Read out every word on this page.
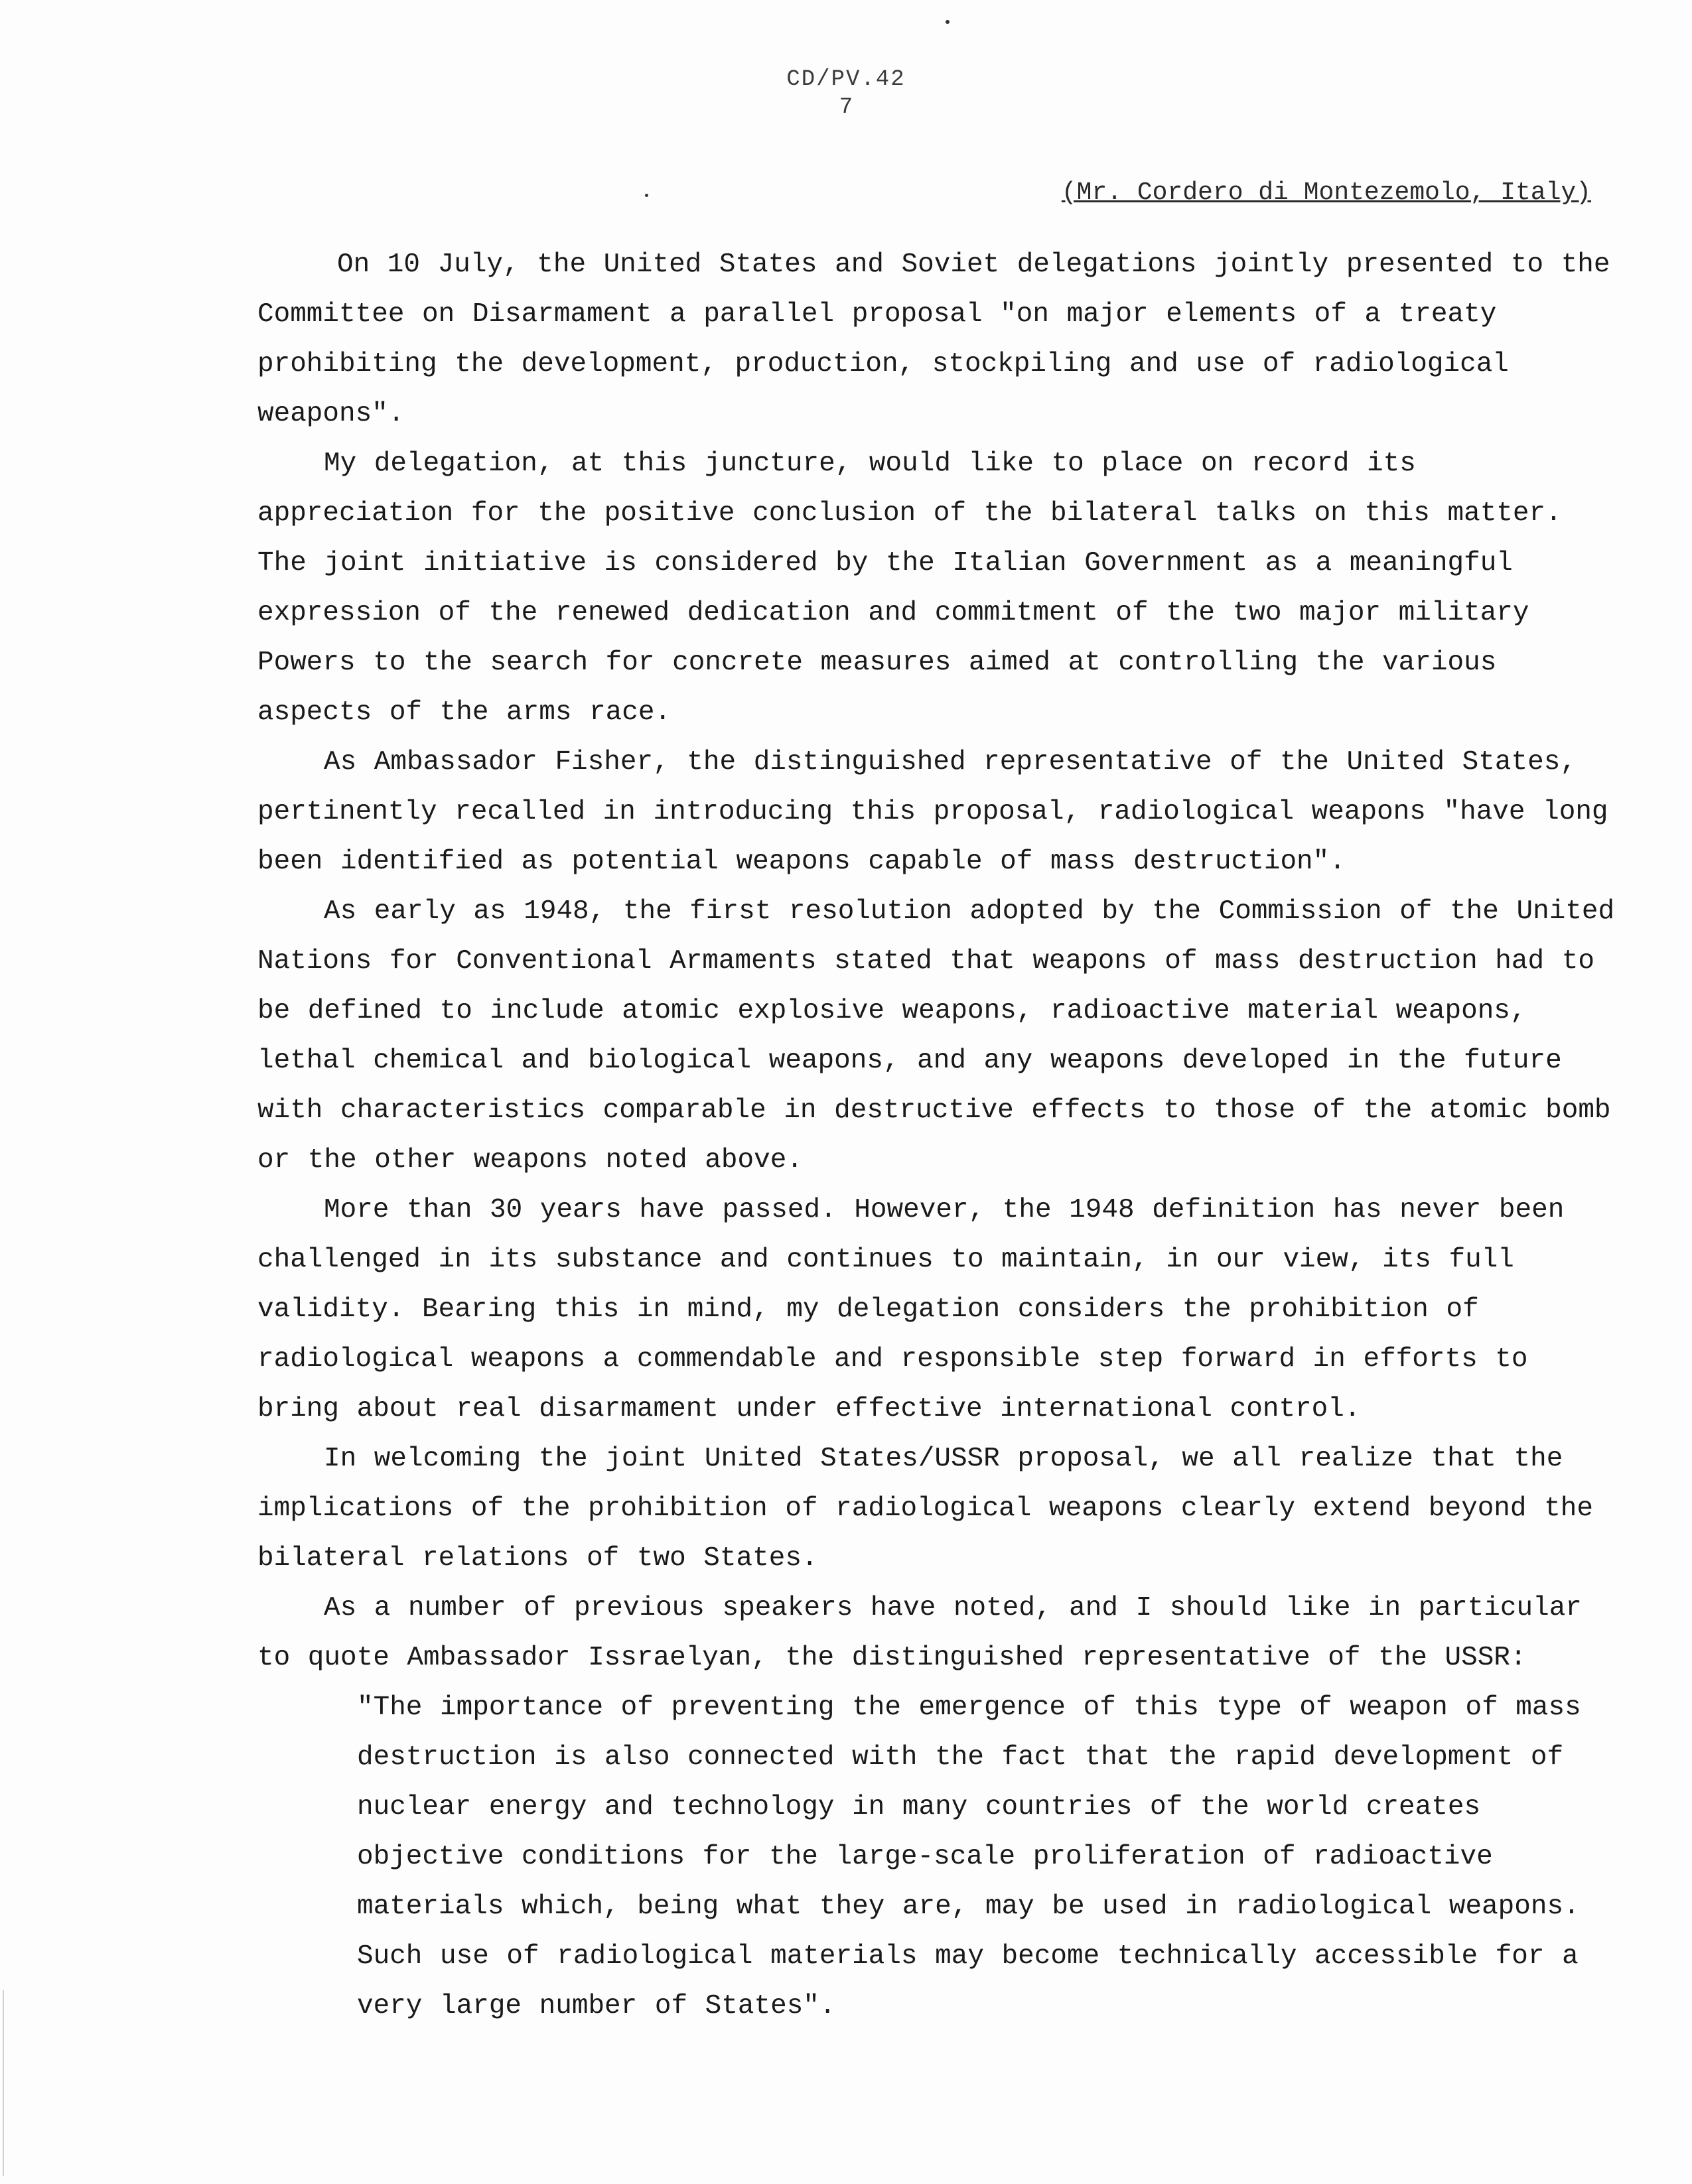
CD/PV.42
7
(Mr. Cordero di Montezemolo, Italy)

On 10 July, the United States and Soviet delegations jointly presented to the Committee on Disarmament a parallel proposal "on major elements of a treaty prohibiting the development, production, stockpiling and use of radiological weapons".

My delegation, at this juncture, would like to place on record its appreciation for the positive conclusion of the bilateral talks on this matter. The joint initiative is considered by the Italian Government as a meaningful expression of the renewed dedication and commitment of the two major military Powers to the search for concrete measures aimed at controlling the various aspects of the arms race.

As Ambassador Fisher, the distinguished representative of the United States, pertinently recalled in introducing this proposal, radiological weapons "have long been identified as potential weapons capable of mass destruction".

As early as 1948, the first resolution adopted by the Commission of the United Nations for Conventional Armaments stated that weapons of mass destruction had to be defined to include atomic explosive weapons, radioactive material weapons, lethal chemical and biological weapons, and any weapons developed in the future with characteristics comparable in destructive effects to those of the atomic bomb or the other weapons noted above.

More than 30 years have passed. However, the 1948 definition has never been challenged in its substance and continues to maintain, in our view, its full validity. Bearing this in mind, my delegation considers the prohibition of radiological weapons a commendable and responsible step forward in efforts to bring about real disarmament under effective international control.

In welcoming the joint United States/USSR proposal, we all realize that the implications of the prohibition of radiological weapons clearly extend beyond the bilateral relations of two States.

As a number of previous speakers have noted, and I should like in particular to quote Ambassador Issraelyan, the distinguished representative of the USSR:

"The importance of preventing the emergence of this type of weapon of mass destruction is also connected with the fact that the rapid development of nuclear energy and technology in many countries of the world creates objective conditions for the large-scale proliferation of radioactive materials which, being what they are, may be used in radiological weapons. Such use of radiological materials may become technically accessible for a very large number of States".
